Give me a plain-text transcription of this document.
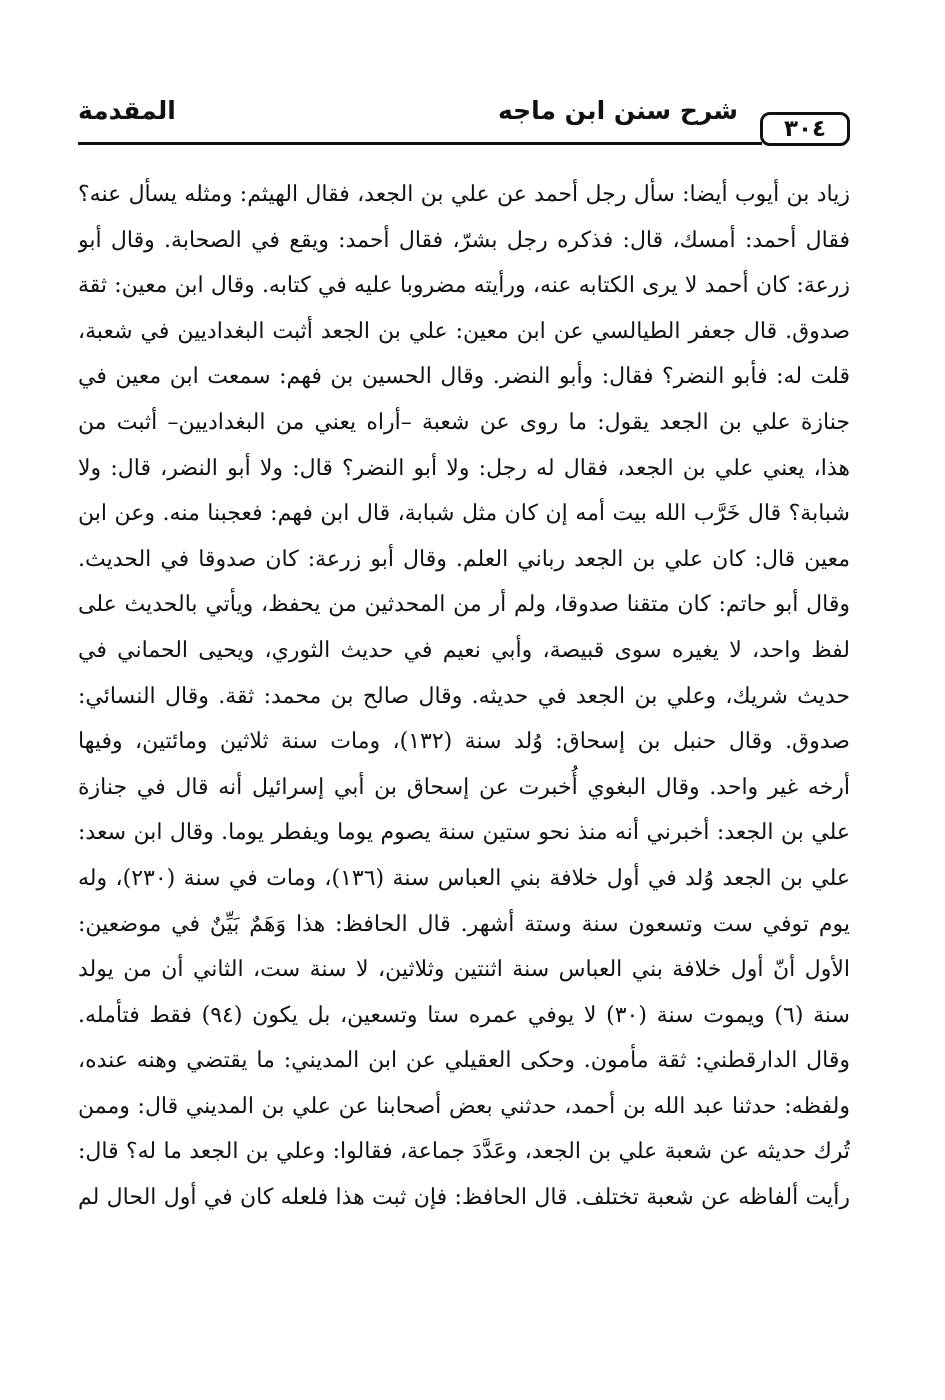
المقدمة	شرح سنن ابن ماجه
٣٠٤
زياد بن أيوب أيضا: سأل رجل أحمد عن علي بن الجعد، فقال الهيثم: ومثله يسأل عنه؟
فقال أحمد: أمسك، قال: فذكره رجل بشرّ، فقال أحمد: ويقع في الصحابة. وقال أبو
زرعة: كان أحمد لا يرى الكتابه عنه، ورأيته مضروبا عليه في كتابه. وقال ابن معين: ثقة
صدوق. قال جعفر الطيالسي عن ابن معين: علي بن الجعد أثبت البغداديين في شعبة،
قلت له: فأبو النضر؟ فقال: وأبو النضر. وقال الحسين بن فهم: سمعت ابن معين في
جنازة علي بن الجعد يقول: ما روى عن شعبة –أراه يعني من البغداديين– أثبت من
هذا، يعني علي بن الجعد، فقال له رجل: ولا أبو النضر؟ قال: ولا أبو النضر، قال: ولا
شبابة؟ قال خَرَّب الله بيت أمه إن كان مثل شبابة، قال ابن فهم: فعجبنا منه. وعن ابن
معين قال: كان علي بن الجعد رباني العلم. وقال أبو زرعة: كان صدوقا في الحديث.
وقال أبو حاتم: كان متقنا صدوقا، ولم أر من المحدثين من يحفظ، ويأتي بالحديث على
لفظ واحد، لا يغيره سوى قبيصة، وأبي نعيم في حديث الثوري، ويحيى الحماني في
حديث شريك، وعلي بن الجعد في حديثه. وقال صالح بن محمد: ثقة. وقال النسائي:
صدوق. وقال حنبل بن إسحاق: وُلد سنة (١٣٢)، ومات سنة ثلاثين ومائتين، وفيها
أرخه غير واحد. وقال البغوي أُخبرت عن إسحاق بن أبي إسرائيل أنه قال في جنازة
علي بن الجعد: أخبرني أنه منذ نحو ستين سنة يصوم يوما ويفطر يوما. وقال ابن سعد:
علي بن الجعد وُلد في أول خلافة بني العباس سنة (١٣٦)، ومات في سنة (٢٣٠)، وله
يوم توفي ست وتسعون سنة وستة أشهر. قال الحافظ: هذا وَهَمٌ بَيِّنٌ في موضعين:
الأول أنّ أول خلافة بني العباس سنة اثنتين وثلاثين، لا سنة ست، الثاني أن من يولد
سنة (٦) ويموت سنة (٣٠) لا يوفي عمره ستا وتسعين، بل يكون (٩٤) فقط فتأمله.
وقال الدارقطني: ثقة مأمون. وحكى العقيلي عن ابن المديني: ما يقتضي وهنه عنده،
ولفظه: حدثنا عبد الله بن أحمد، حدثني بعض أصحابنا عن علي بن المديني قال: وممن
تُرك حديثه عن شعبة علي بن الجعد، وعَدَّدَ جماعة، فقالوا: وعلي بن الجعد ما له؟ قال:
رأيت ألفاظه عن شعبة تختلف. قال الحافظ: فإن ثبت هذا فلعله كان في أول الحال لم
